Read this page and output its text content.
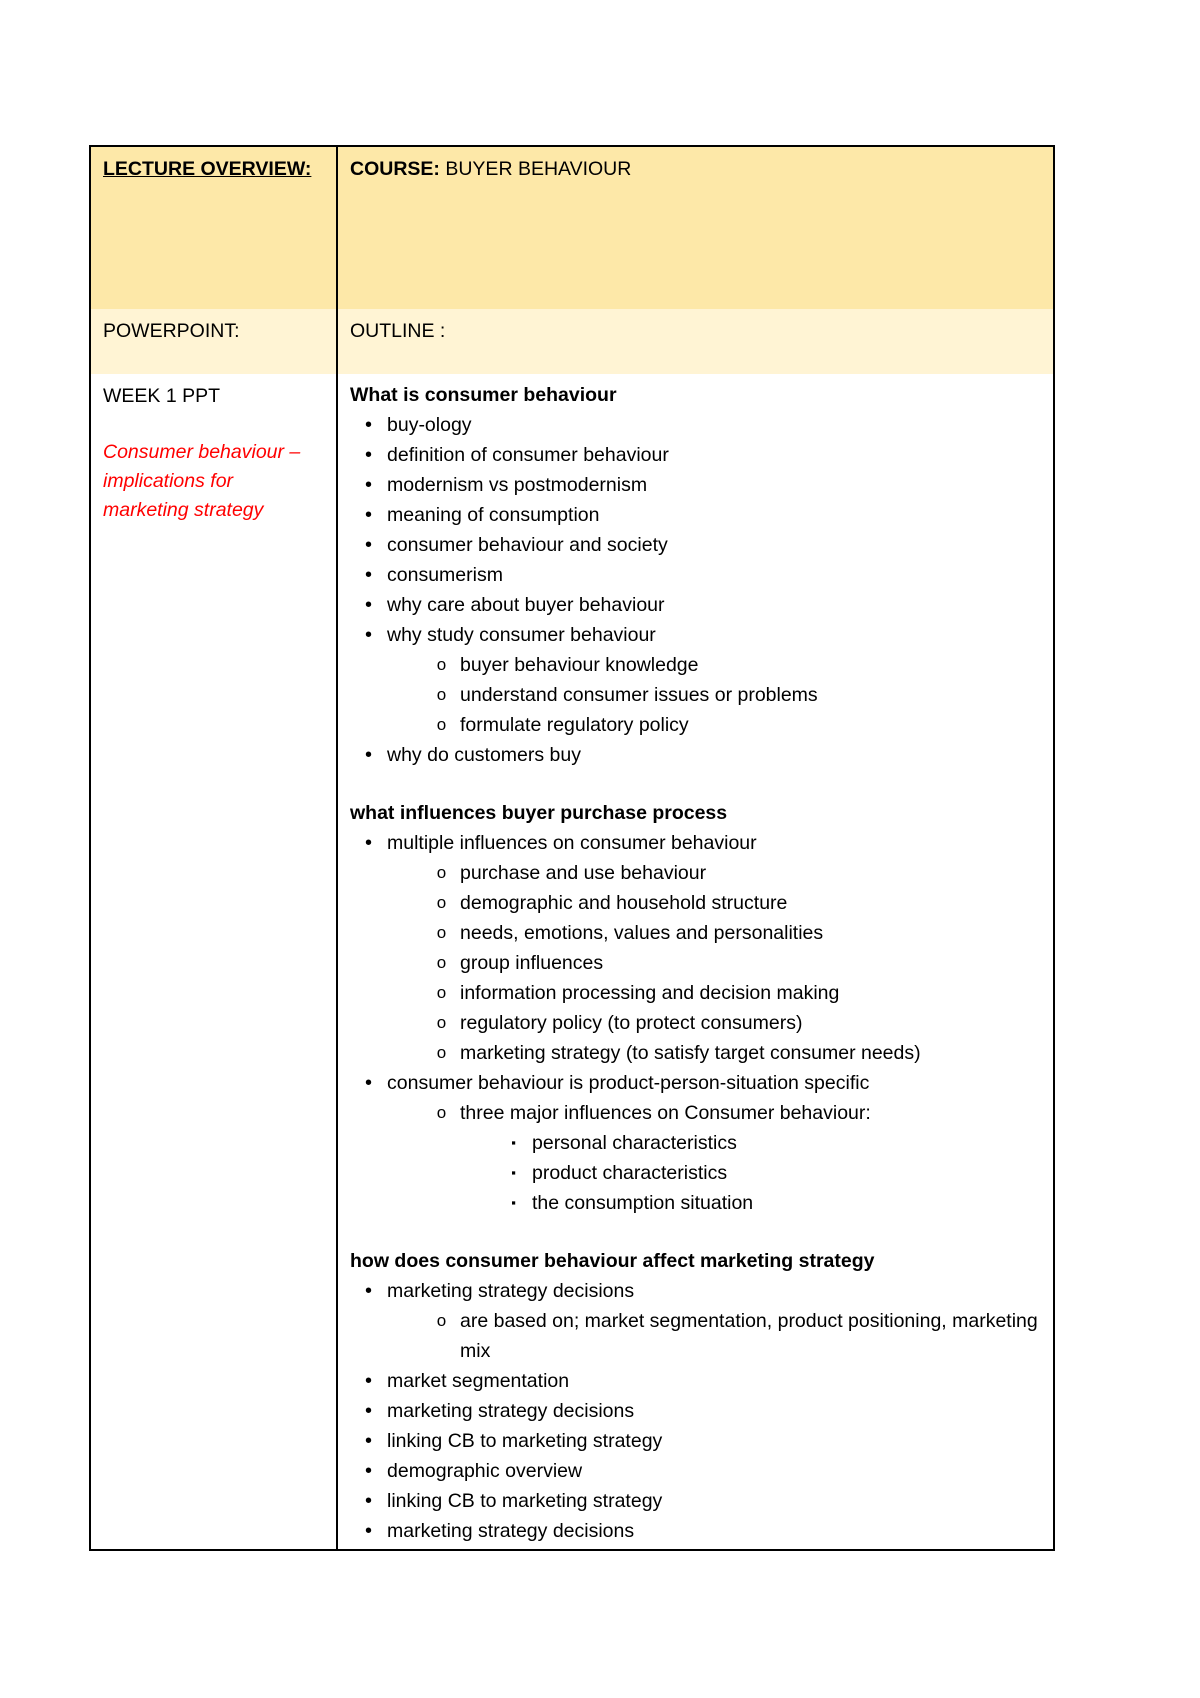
LECTURE OVERVIEW:	COURSE: BUYER BEHAVIOUR
POWERPOINT:	OUTLINE :
WEEK 1 PPT
Consumer behaviour – implications for marketing strategy
What is consumer behaviour
• buy-ology
• definition of consumer behaviour
• modernism vs postmodernism
• meaning of consumption
• consumer behaviour and society
• consumerism
• why care about buyer behaviour
• why study consumer behaviour
o buyer behaviour knowledge
o understand consumer issues or problems
o formulate regulatory policy
• why do customers buy
what influences buyer purchase process
• multiple influences on consumer behaviour
o purchase and use behaviour
o demographic and household structure
o needs, emotions, values and personalities
o group influences
o information processing and decision making
o regulatory policy (to protect consumers)
o marketing strategy (to satisfy target consumer needs)
• consumer behaviour is product-person-situation specific
o three major influences on Consumer behaviour:
▪ personal characteristics
▪ product characteristics
▪ the consumption situation
how does consumer behaviour affect marketing strategy
• marketing strategy decisions
o are based on; market segmentation, product positioning, marketing mix
• market segmentation
• marketing strategy decisions
• linking CB to marketing strategy
• demographic overview
• linking CB to marketing strategy
• marketing strategy decisions
